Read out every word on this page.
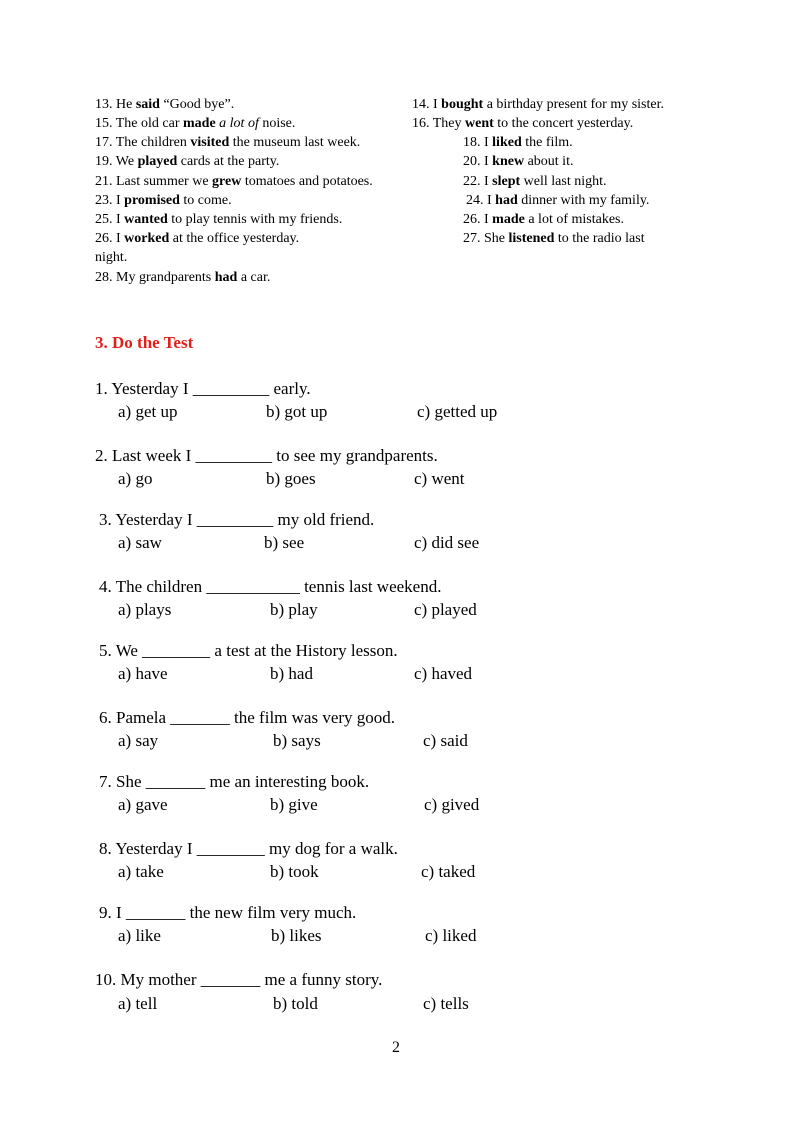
13. He said “Good bye”.	14. I bought a birthday present for my sister.
15. The old car made a lot of noise.	16. They went to the concert yesterday.
17. The children visited the museum last week.	18. I liked the film.
19. We played cards at the party.	20. I knew about it.
21. Last summer we grew tomatoes and potatoes.	22. I slept well last night.
23. I promised to come.	24. I had dinner with my family.
25. I wanted to play tennis with my friends.	26. I made a lot of mistakes.
26. I worked at the office yesterday.	27. She listened to the radio last
night.
28. My grandparents had a car.
3. Do the Test
1. Yesterday I _________ early.
a) get up	b) got up	c) getted up
2. Last week I _________ to see my grandparents.
a) go	b) goes	c) went
3. Yesterday I _________ my old friend.
a) saw	b) see	c) did see
4. The children ___________ tennis last weekend.
a) plays	b) play	c) played
5. We ________ a test at the History lesson.
a) have	b) had	c) haved
6. Pamela _______ the film was very good.
a) say	b) says	c) said
7. She _______ me an interesting book.
a) gave	b) give	c) gived
8. Yesterday I ________ my dog for a walk.
a) take	b) took	c) taked
9. I _______ the new film very much.
a) like	b) likes	c) liked
10. My mother _______ me a funny story.
a) tell	b) told	c) tells
2
